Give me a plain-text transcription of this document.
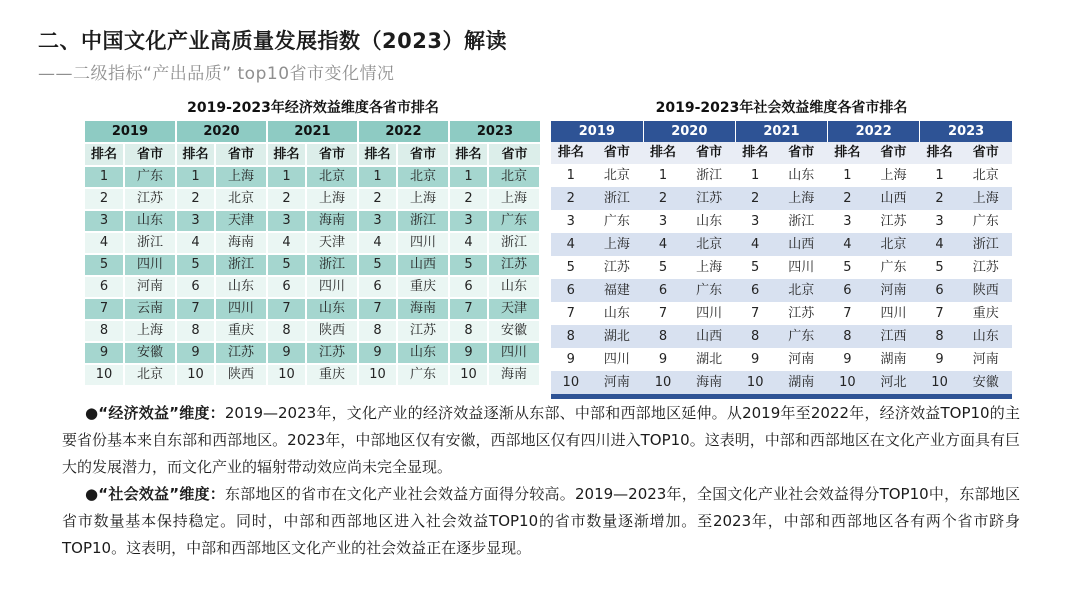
二、中国文化产业高质量发展指数（2023）解读

——二级指标“产出品质” top10省市变化情况

2019-2023年经济效益维度各省市排名
2019		2020		2021		2022		2023	
排名	省市	排名	省市	排名	省市	排名	省市	排名	省市
1	广东	1	上海	1	北京	1	北京	1	北京
2	江苏	2	北京	2	上海	2	上海	2	上海
3	山东	3	天津	3	海南	3	浙江	3	广东
4	浙江	4	海南	4	天津	4	四川	4	浙江
5	四川	5	浙江	5	浙江	5	山西	5	江苏
6	河南	6	山东	6	四川	6	重庆	6	山东
7	云南	7	四川	7	山东	7	海南	7	天津
8	上海	8	重庆	8	陕西	8	江苏	8	安徽
9	安徽	9	江苏	9	江苏	9	山东	9	四川
10	北京	10	陕西	10	重庆	10	广东	10	海南
2019-2023年社会效益维度各省市排名
2019		2020		2021		2022		2023	
排名	省市	排名	省市	排名	省市	排名	省市	排名	省市
1	北京	1	浙江	1	山东	1	上海	1	北京
2	浙江	2	江苏	2	上海	2	山西	2	上海
3	广东	3	山东	3	浙江	3	江苏	3	广东
4	上海	4	北京	4	山西	4	北京	4	浙江
5	江苏	5	上海	5	四川	5	广东	5	江苏
6	福建	6	广东	6	北京	6	河南	6	陕西
7	山东	7	四川	7	江苏	7	四川	7	重庆
8	湖北	8	山西	8	广东	8	江西	8	山东
9	四川	9	湖北	9	河南	9	湖南	9	河南
10	河南	10	海南	10	湖南	10	河北	10	安徽

●“经济效益”维度：2019—2023年，文化产业的经济效益逐渐从东部、中部和西部地区延伸。从2019年至2022年，经济效益TOP10的主要省份基本来自东部和西部地区。2023年，中部地区仅有安徽，西部地区仅有四川进入TOP10。这表明，中部和西部地区在文化产业方面具有巨大的发展潜力，而文化产业的辐射带动效应尚未完全显现。

●“社会效益”维度：东部地区的省市在文化产业社会效益方面得分较高。2019—2023年，全国文化产业社会效益得分TOP10中，东部地区省市数量基本保持稳定。同时，中部和西部地区进入社会效益TOP10的省市数量逐渐增加。至2023年，中部和西部地区各有两个省市跻身TOP10。这表明，中部和西部地区文化产业的社会效益正在逐步显现。
